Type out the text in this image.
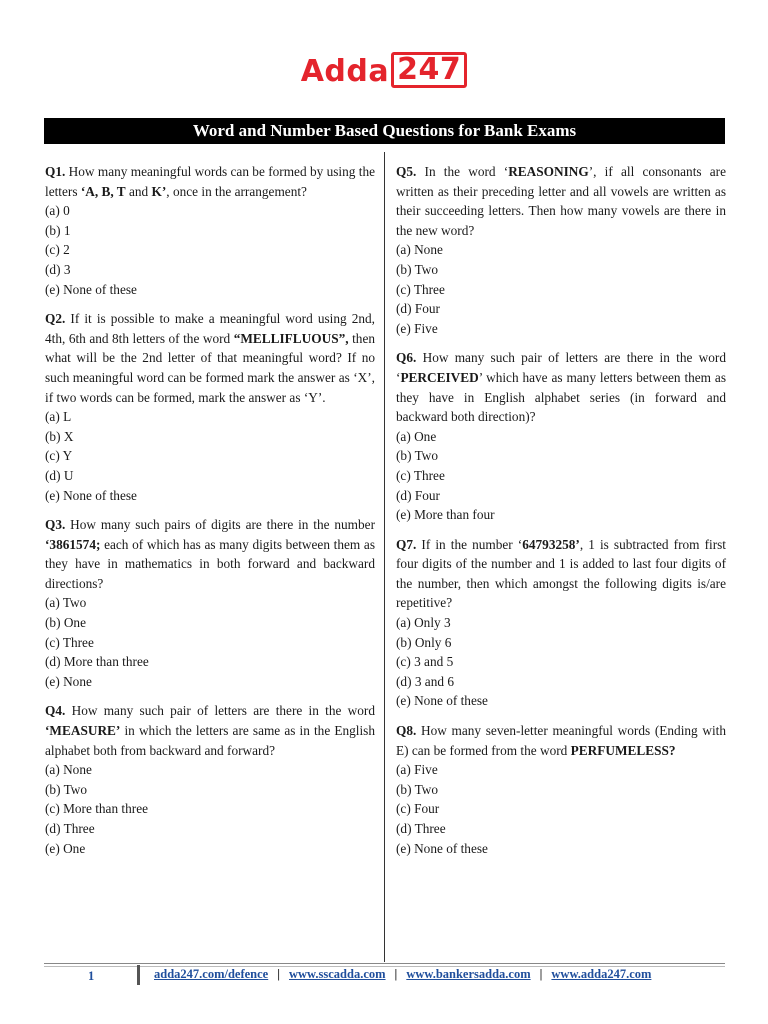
Adda 247
Word and Number Based Questions for Bank Exams
Q1. How many meaningful words can be formed by using the letters ‘A, B, T and K’, once in the arrangement?
(a) 0
(b) 1
(c) 2
(d) 3
(e) None of these
Q2. If it is possible to make a meaningful word using 2nd, 4th, 6th and 8th letters of the word “MELLIFLUOUS”, then what will be the 2nd letter of that meaningful word? If no such meaningful word can be formed mark the answer as ‘X’, if two words can be formed, mark the answer as ‘Y’.
(a) L
(b) X
(c) Y
(d) U
(e) None of these
Q3. How many such pairs of digits are there in the number ‘3861574; each of which has as many digits between them as they have in mathematics in both forward and backward directions?
(a) Two
(b) One
(c) Three
(d) More than three
(e) None
Q4. How many such pair of letters are there in the word ‘MEASURE’ in which the letters are same as in the English alphabet both from backward and forward?
(a) None
(b) Two
(c) More than three
(d) Three
(e) One
Q5. In the word ‘REASONING’, if all consonants are written as their preceding letter and all vowels are written as their succeeding letters. Then how many vowels are there in the new word?
(a) None
(b) Two
(c) Three
(d) Four
(e) Five
Q6. How many such pair of letters are there in the word ‘PERCEIVED’ which have as many letters between them as they have in English alphabet series (in forward and backward both direction)?
(a) One
(b) Two
(c) Three
(d) Four
(e) More than four
Q7. If in the number ‘64793258’, 1 is subtracted from first four digits of the number and 1 is added to last four digits of the number, then which amongst the following digits is/are repetitive?
(a) Only 3
(b) Only 6
(c) 3 and 5
(d) 3 and 6
(e) None of these
Q8. How many seven-letter meaningful words (Ending with E) can be formed from the word PERFUMELESS?
(a) Five
(b) Two
(c) Four
(d) Three
(e) None of these
1	adda247.com/defence | www.sscadda.com | www.bankersadda.com | www.adda247.com
